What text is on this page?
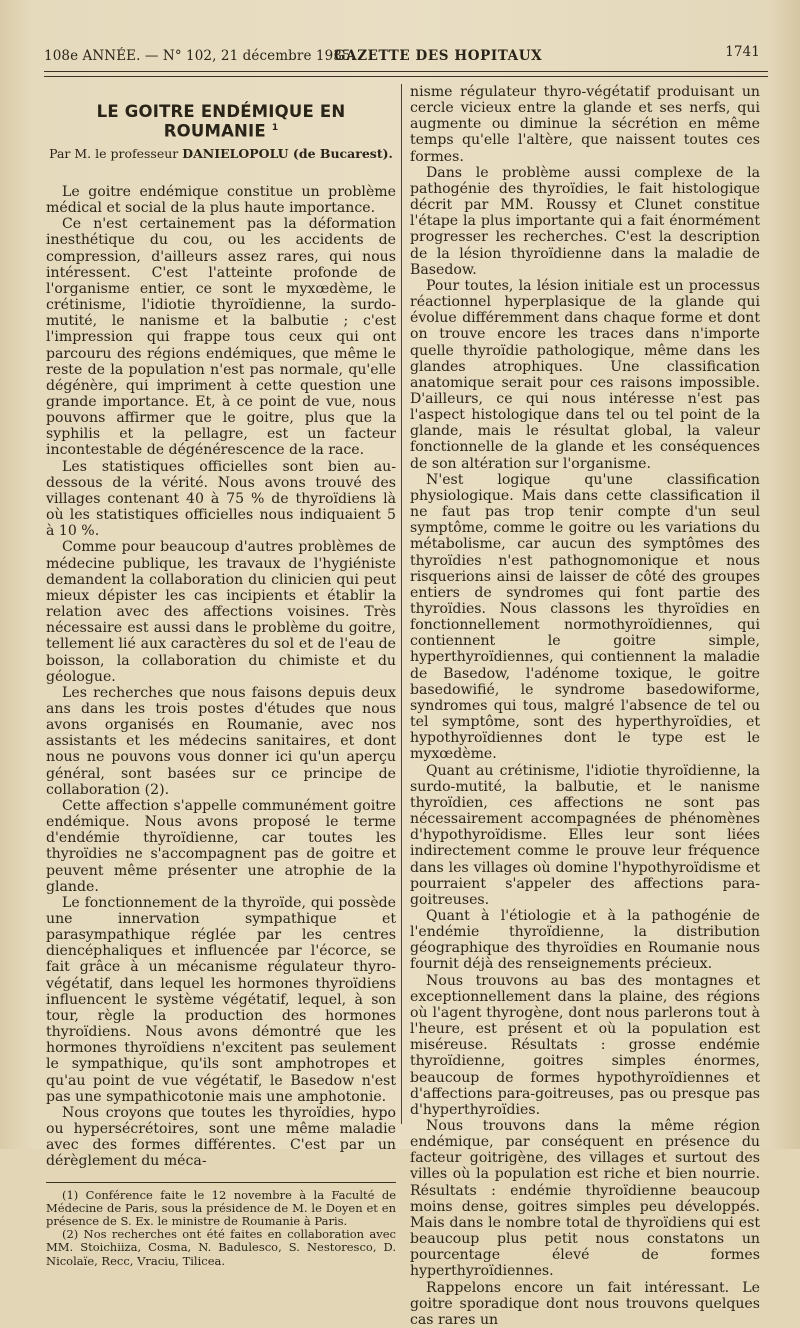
108e ANNÉE. — N° 102, 21 décembre 1935.
GAZETTE DES HOPITAUX	1741
LE GOITRE ENDÉMIQUE EN ROUMANIE $^1$
Par M. le professeur DANIELOPOLU (de Bucarest).

Le goitre endémique constitue un problème médical et social de la plus haute importance.

Ce n'est certainement pas la déformation inesthétique du cou, ou les accidents de compression, d'ailleurs assez rares, qui nous intéressent. C'est l'atteinte profonde de l'organisme entier, ce sont le myxœdème, le crétinisme, l'idiotie thyroïdienne, la surdo-mutité, le nanisme et la balbutie ; c'est l'impression qui frappe tous ceux qui ont parcouru des régions endémiques, que même le reste de la population n'est pas normale, qu'elle dégénère, qui impriment à cette question une grande importance. Et, à ce point de vue, nous pouvons affirmer que le goitre, plus que la syphilis et la pellagre, est un facteur incontestable de dégénérescence de la race.

Les statistiques officielles sont bien au-dessous de la vérité. Nous avons trouvé des villages contenant 40 à 75 % de thyroïdiens là où les statistiques officielles nous indiquaient 5 à 10 %.

Comme pour beaucoup d'autres problèmes de médecine publique, les travaux de l'hygiéniste demandent la collaboration du clinicien qui peut mieux dépister les cas incipients et établir la relation avec des affections voisines. Très nécessaire est aussi dans le problème du goitre, tellement lié aux caractères du sol et de l'eau de boisson, la collaboration du chimiste et du géologue.

Les recherches que nous faisons depuis deux ans dans les trois postes d'études que nous avons organisés en Roumanie, avec nos assistants et les médecins sanitaires, et dont nous ne pouvons vous donner ici qu'un aperçu général, sont basées sur ce principe de collaboration (2).

Cette affection s'appelle communément goitre endémique. Nous avons proposé le terme d'endémie thyroïdienne, car toutes les thyroïdies ne s'accompagnent pas de goitre et peuvent même présenter une atrophie de la glande.

Le fonctionnement de la thyroïde, qui possède une innervation sympathique et parasympathique réglée par les centres diencéphaliques et influencée par l'écorce, se fait grâce à un mécanisme régulateur thyro-végétatif, dans lequel les hormones thyroïdiens influencent le système végétatif, lequel, à son tour, règle la production des hormones thyroïdiens. Nous avons démontré que les hormones thyroïdiens n'excitent pas seulement le sympathique, qu'ils sont amphotropes et qu'au point de vue végétatif, le Basedow n'est pas une sympathicotonie mais une amphotonie.

Nous croyons que toutes les thyroïdies, hypo ou hypersécrétoires, sont une même maladie avec des formes différentes. C'est par un dérèglement du méca-

(1) Conférence faite le 12 novembre à la Faculté de Médecine de Paris, sous la présidence de M. le Doyen et en présence de S. Ex. le ministre de Roumanie à Paris.

(2) Nos recherches ont été faites en collaboration avec MM. Stoichiiza, Cosma, N. Badulesco, S. Nestoresco, D. Nicolaïe, Recc, Vraciu, Tilicea.

nisme régulateur thyro-végétatif produisant un cercle vicieux entre la glande et ses nerfs, qui augmente ou diminue la sécrétion en même temps qu'elle l'altère, que naissent toutes ces formes.

Dans le problème aussi complexe de la pathogénie des thyroïdies, le fait histologique décrit par MM. Roussy et Clunet constitue l'étape la plus importante qui a fait énormément progresser les recherches. C'est la description de la lésion thyroïdienne dans la maladie de Basedow.

Pour toutes, la lésion initiale est un processus réactionnel hyperplasique de la glande qui évolue différemment dans chaque forme et dont on trouve encore les traces dans n'importe quelle thyroïdie pathologique, même dans les glandes atrophiques. Une classification anatomique serait pour ces raisons impossible. D'ailleurs, ce qui nous intéresse n'est pas l'aspect histologique dans tel ou tel point de la glande, mais le résultat global, la valeur fonctionnelle de la glande et les conséquences de son altération sur l'organisme.

N'est logique qu'une classification physiologique. Mais dans cette classification il ne faut pas trop tenir compte d'un seul symptôme, comme le goitre ou les variations du métabolisme, car aucun des symptômes des thyroïdies n'est pathognomonique et nous risquerions ainsi de laisser de côté des groupes entiers de syndromes qui font partie des thyroïdies. Nous classons les thyroïdies en fonctionnellement normothyroïdiennes, qui contiennent le goitre simple, hyperthyroïdiennes, qui contiennent la maladie de Basedow, l'adénome toxique, le goitre basedowifié, le syndrome basedowiforme, syndromes qui tous, malgré l'absence de tel ou tel symptôme, sont des hyperthyroïdies, et hypothyroïdiennes dont le type est le myxœdème.

Quant au crétinisme, l'idiotie thyroïdienne, la surdo-mutité, la balbutie, et le nanisme thyroïdien, ces affections ne sont pas nécessairement accompagnées de phénomènes d'hypothyroïdisme. Elles leur sont liées indirectement comme le prouve leur fréquence dans les villages où domine l'hypothyroïdisme et pourraient s'appeler des affections para-goitreuses.

Quant à l'étiologie et à la pathogénie de l'endémie thyroïdienne, la distribution géographique des thyroïdies en Roumanie nous fournit déjà des renseignements précieux.

Nous trouvons au bas des montagnes et exceptionnellement dans la plaine, des régions où l'agent thyrogène, dont nous parlerons tout à l'heure, est présent et où la population est miséreuse. Résultats : grosse endémie thyroïdienne, goitres simples énormes, beaucoup de formes hypothyroïdiennes et d'affections para-goitreuses, pas ou presque pas d'hyperthyroïdies.

Nous trouvons dans la même région endémique, par conséquent en présence du facteur goitrigène, des villages et surtout des villes où la population est riche et bien nourrie. Résultats : endémie thyroïdienne beaucoup moins dense, goitres simples peu développés. Mais dans le nombre total de thyroïdiens qui est beaucoup plus petit nous constatons un pourcentage élevé de formes hyperthyroïdiennes.

Rappelons encore un fait intéressant. Le goitre sporadique dont nous trouvons quelques cas rares un
